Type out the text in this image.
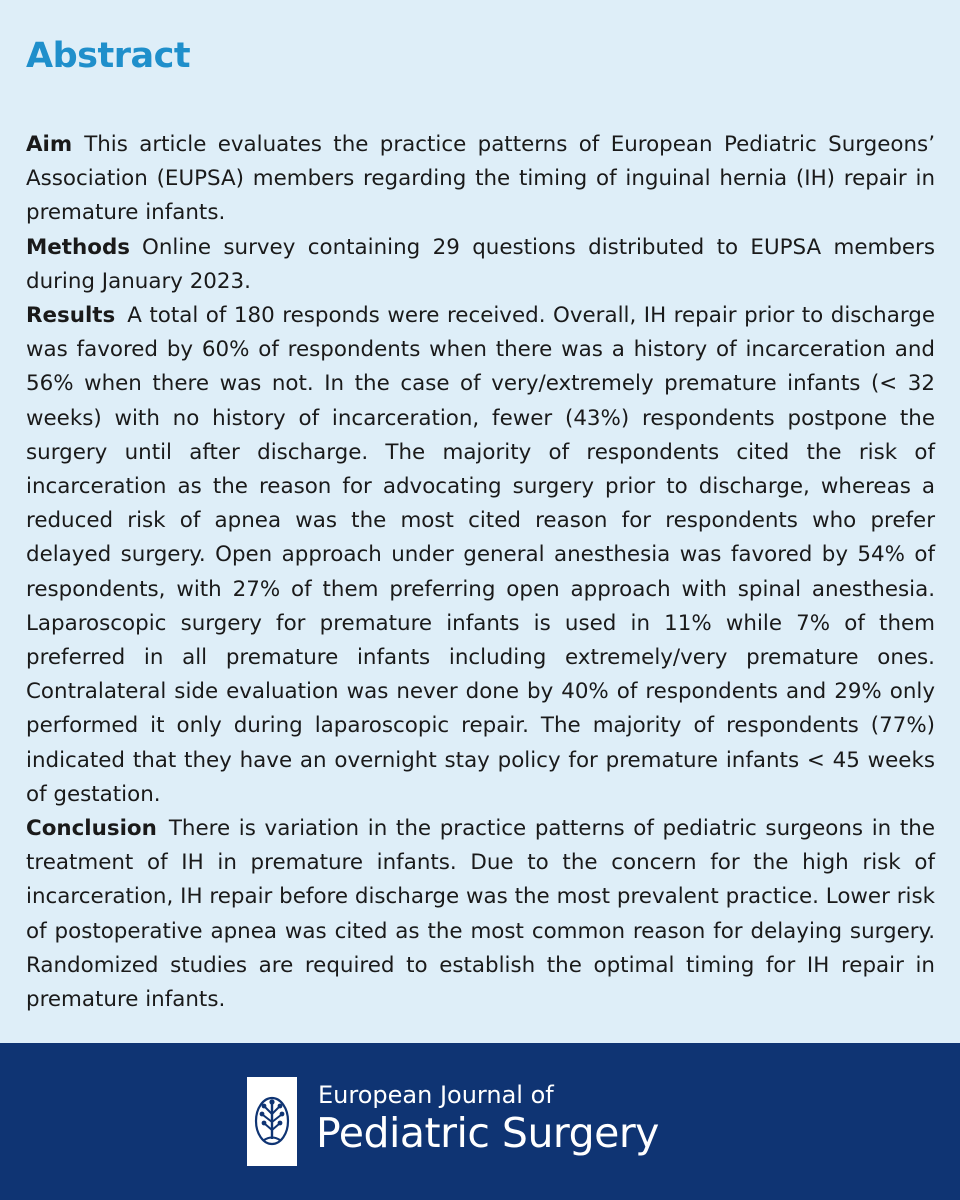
Abstract

Aim This article evaluates the practice patterns of European Pediatric Surgeons’ Association (EUPSA) members regarding the timing of inguinal hernia (IH) repair in premature infants.

Methods Online survey containing 29 questions distributed to EUPSA members during January 2023.

Results A total of 180 responds were received. Overall, IH repair prior to discharge was favored by 60% of respondents when there was a history of incarceration and 56% when there was not. In the case of very/extremely premature infants (< 32 weeks) with no history of incarceration, fewer (43%) respondents postpone the surgery until after discharge. The majority of respondents cited the risk of incarceration as the reason for advocating surgery prior to discharge, whereas a reduced risk of apnea was the most cited reason for respondents who prefer delayed surgery. Open approach under general anesthesia was favored by 54% of respondents, with 27% of them preferring open approach with spinal anesthesia. Laparoscopic surgery for premature infants is used in 11% while 7% of them preferred in all premature infants including extremely/very premature ones. Contralateral side evaluation was never done by 40% of respondents and 29% only performed it only during laparoscopic repair. The majority of respondents (77%) indicated that they have an overnight stay policy for premature infants < 45 weeks of gestation.

Conclusion There is variation in the practice patterns of pediatric surgeons in the treatment of IH in premature infants. Due to the concern for the high risk of incarceration, IH repair before discharge was the most prevalent practice. Lower risk of postoperative apnea was cited as the most common reason for delaying surgery. Randomized studies are required to establish the optimal timing for IH repair in premature infants.

European Journal of
Pediatric Surgery
